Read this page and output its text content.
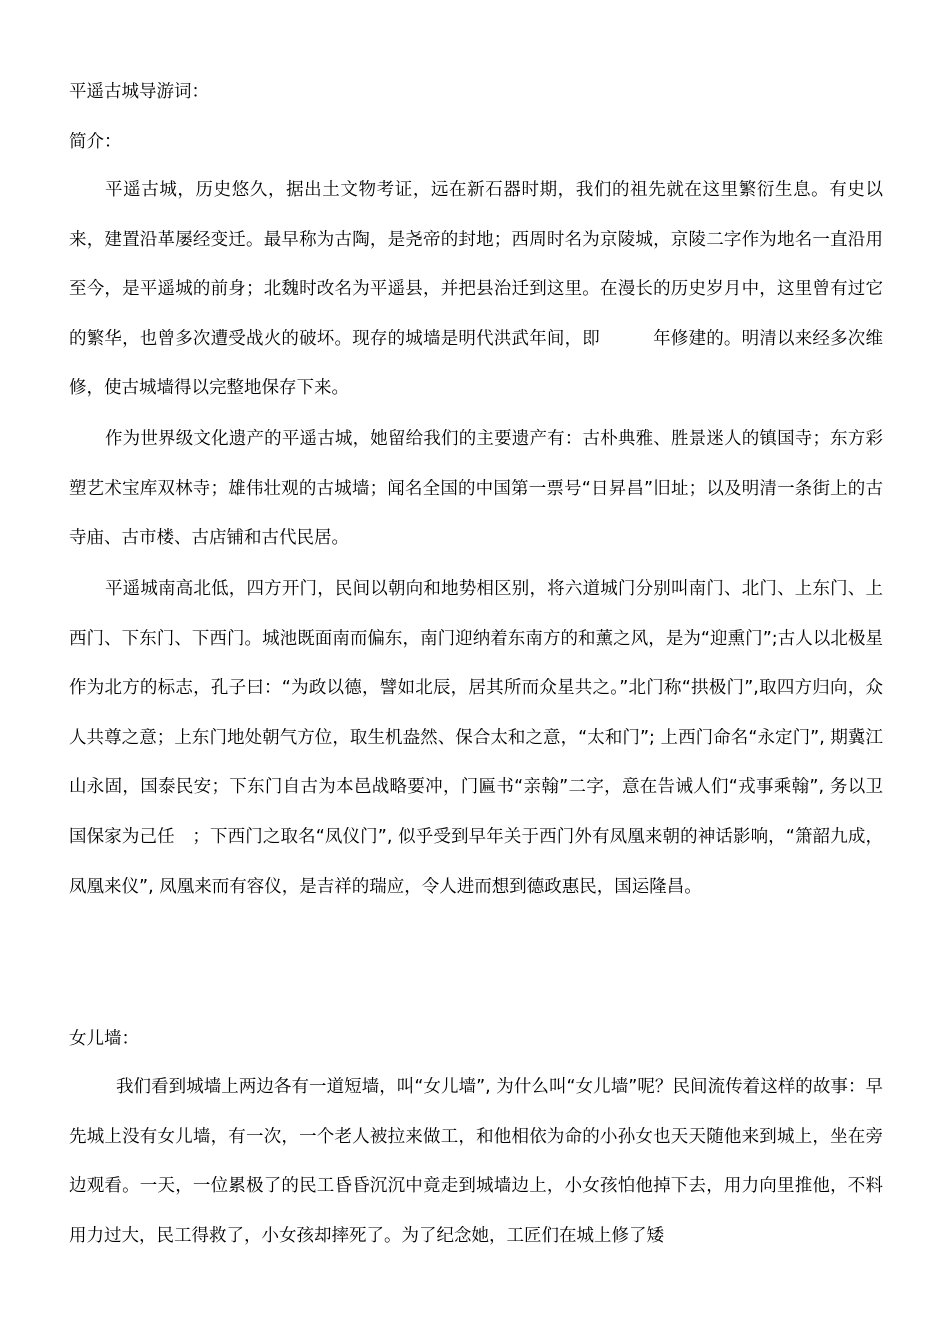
平遥古城导游词：
简介：
平遥古城，历史悠久，据出土文物考证，远在新石器时期，我们的祖先就在这里繁衍生息。有史以来，建置沿革屡经变迁。最早称为古陶，是尧帝的封地；西周时名为京陵城，京陵二字作为地名一直沿用至今，是平遥城的前身；北魏时改名为平遥县，并把县治迁到这里。在漫长的历史岁月中，这里曾有过它的繁华，也曾多次遭受战火的破坏。现存的城墙是明代洪武年间，即　　　年修建的。明清以来经多次维修，使古城墙得以完整地保存下来。
作为世界级文化遗产的平遥古城，她留给我们的主要遗产有：古朴典雅、胜景迷人的镇国寺；东方彩塑艺术宝库双林寺；雄伟壮观的古城墙；闻名全国的中国第一票号“日昇昌”旧址；以及明清一条街上的古寺庙、古市楼、古店铺和古代民居。
平遥城南高北低，四方开门，民间以朝向和地势相区别，将六道城门分别叫南门、北门、上东门、上西门、下东门、下西门。城池既面南而偏东，南门迎纳着东南方的和薰之风，是为“迎熏门”;古人以北极星作为北方的标志，孔子曰：“为政以德，譬如北辰，居其所而众星共之。”北门称“拱极门”,取四方归向，众人共尊之意；上东门地处朝气方位，取生机盎然、保合太和之意，“太和门”; 上西门命名“永定门”, 期冀江山永固，国泰民安；下东门自古为本邑战略要冲，门匾书“亲翰”二字，意在告诫人们“戎事乘翰”, 务以卫国保家为己任　；下西门之取名“凤仪门”, 似乎受到早年关于西门外有凤凰来朝的神话影响，“箫韶九成，凤凰来仪”, 凤凰来而有容仪，是吉祥的瑞应，令人进而想到德政惠民，国运隆昌。
女儿墙：
我们看到城墙上两边各有一道短墙，叫“女儿墙”, 为什么叫“女儿墙”呢？民间流传着这样的故事：早先城上没有女儿墙，有一次，一个老人被拉来做工，和他相依为命的小孙女也天天随他来到城上，坐在旁边观看。一天，一位累极了的民工昏昏沉沉中竟走到城墙边上，小女孩怕他掉下去，用力向里推他，不料用力过大，民工得救了，小女孩却摔死了。为了纪念她，工匠们在城上修了矮
